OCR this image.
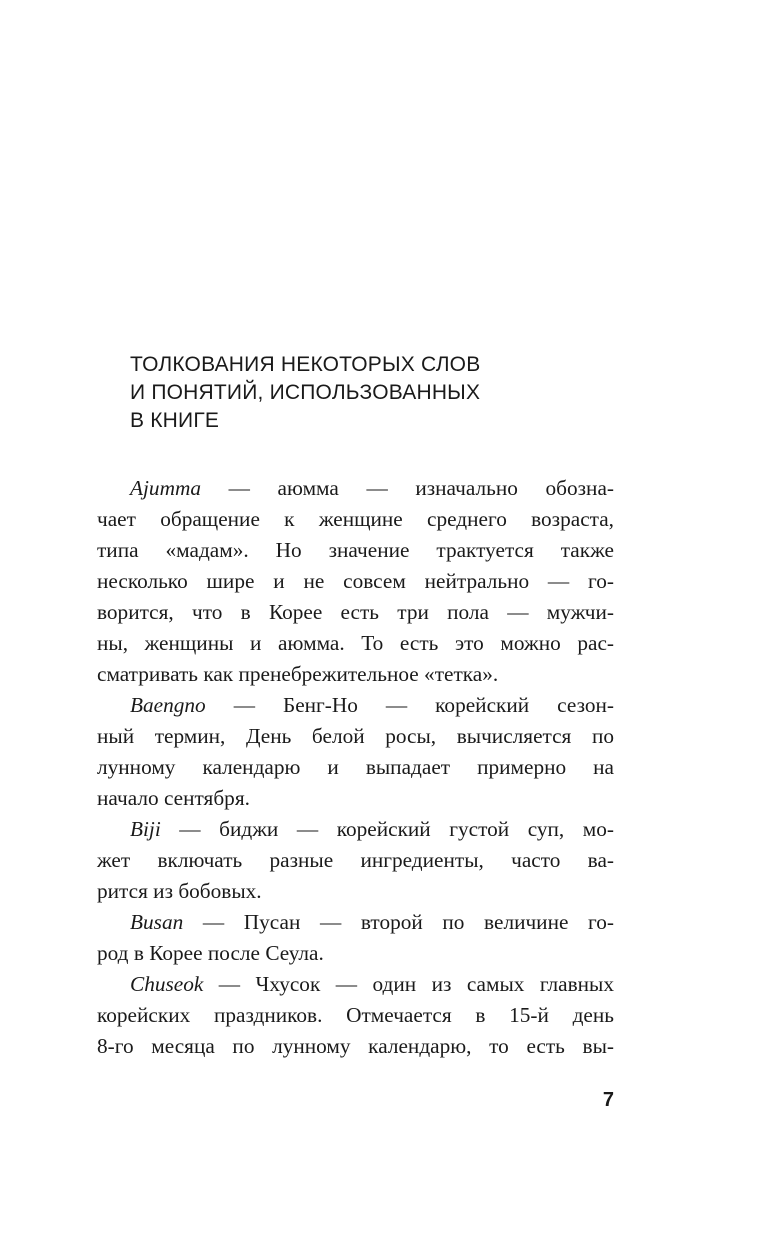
ТОЛКОВАНИЯ НЕКОТОРЫХ СЛОВ
И ПОНЯТИЙ, ИСПОЛЬЗОВАННЫХ
В КНИГЕ
Ajumma — аюмма — изначально обозна-
чает обращение к женщине среднего возраста,
типа «мадам». Но значение трактуется также
несколько шире и не совсем нейтрально — го-
ворится, что в Корее есть три пола — мужчи-
ны, женщины и аюмма. То есть это можно рас-
сматривать как пренебрежительное «тетка».
Baengno — Бенг-Но — корейский сезон-
ный термин, День белой росы, вычисляется по
лунному календарю и выпадает примерно на
начало сентября.
Biji — биджи — корейский густой суп, мо-
жет включать разные ингредиенты, часто ва-
рится из бобовых.
Busan — Пусан — второй по величине го-
род в Корее после Сеула.
Chuseok — Чхусок — один из самых главных
корейских праздников. Отмечается в 15-й день
8-го месяца по лунному календарю, то есть вы-
7
